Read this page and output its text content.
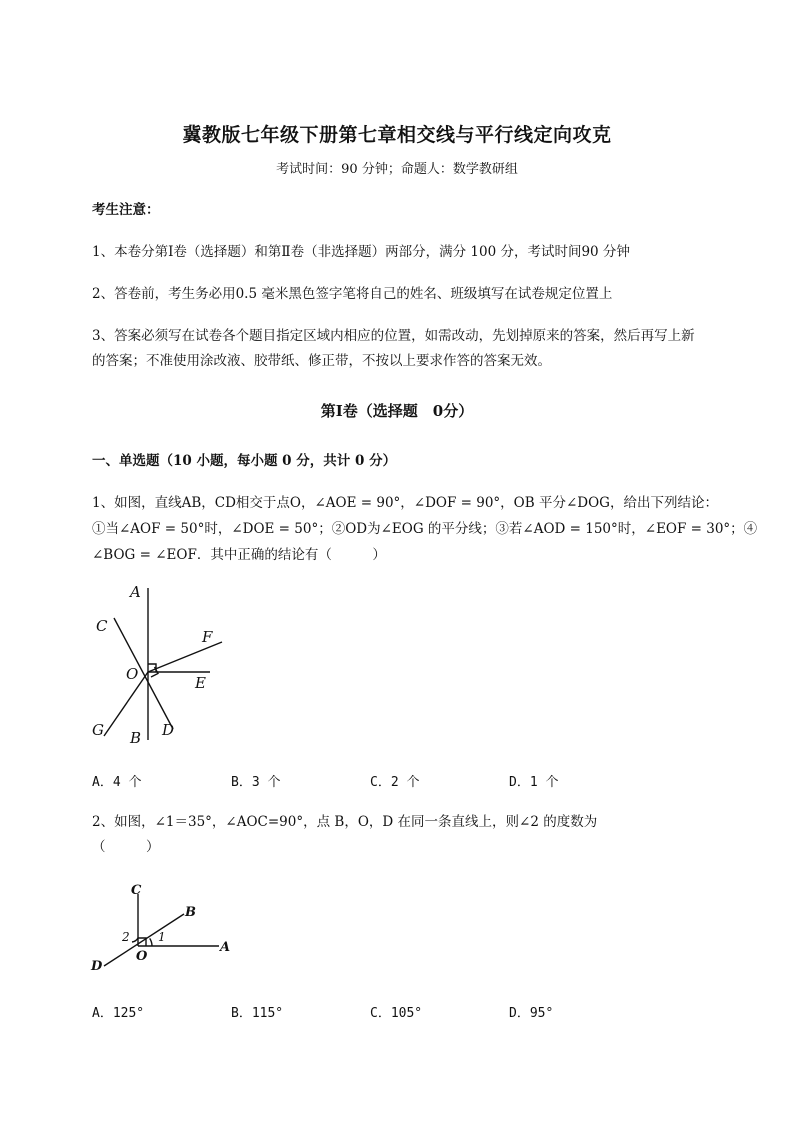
冀教版七年级下册第七章相交线与平行线定向攻克
考试时间：90 分钟；命题人：数学教研组
考生注意：
1、本卷分第Ⅰ卷（选择题）和第Ⅱ卷（非选择题）两部分，满分 100 分，考试时间90 分钟
2、答卷前，考生务必用0.5 毫米黑色签字笔将自己的姓名、班级填写在试卷规定位置上
3、答案必须写在试卷各个题目指定区域内相应的位置，如需改动，先划掉原来的答案，然后再写上新
的答案；不准使用涂改液、胶带纸、修正带，不按以上要求作答的答案无效。
第Ⅰ卷（选择题　0分）
一、单选题（10 小题，每小题 0 分，共计 0 分）
1、如图，直线AB，CD相交于点O，∠AOE = 90°，∠DOF = 90°，OB 平分∠DOG，给出下列结论：
①当∠AOF = 50°时，∠DOE = 50°；②OD为∠EOG 的平分线；③若∠AOD = 150°时，∠EOF = 30°；④
∠BOG = ∠EOF．其中正确的结论有（　　　）
A
C
F
O	E
G B D
A．4 个	B．3 个	C．2 个	D．1 个
2、如图，∠1＝35°，∠AOC=90°，点 B，O，D 在同一条直线上，则∠2 的度数为
（　　　）
C
B
A
O
D
1
2
A．125°	B．115°	C．105°	D．95°
